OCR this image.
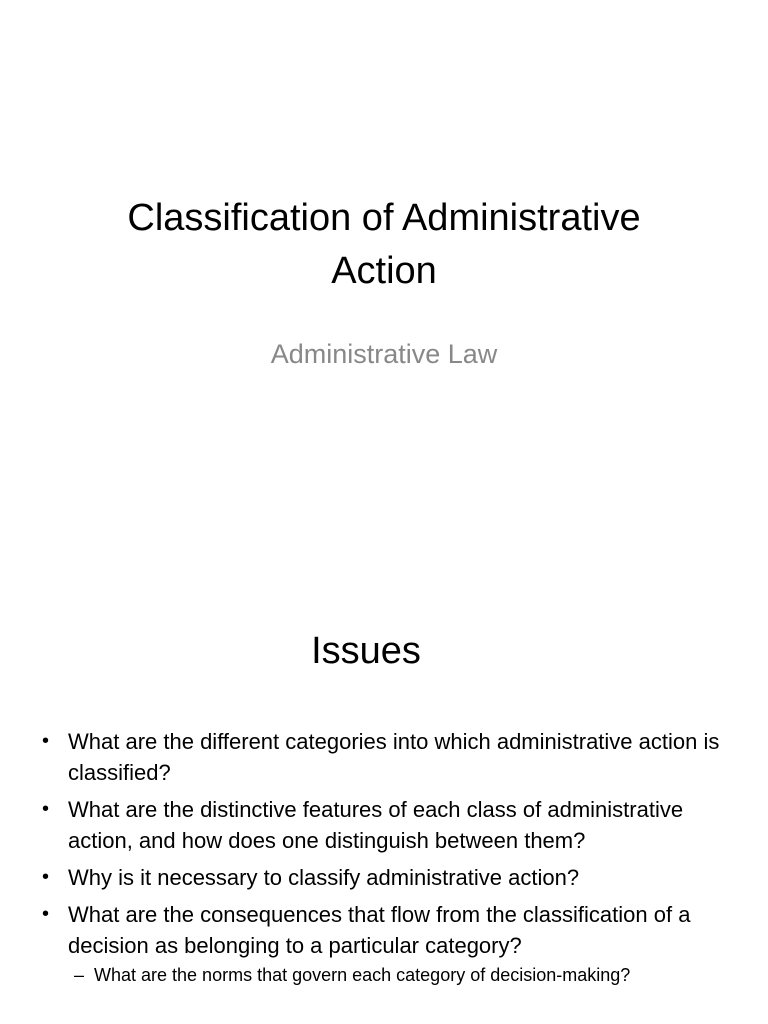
Classification of Administrative
Action

Administrative Law

Issues
• What are the different categories into which administrative action is classified?
• What are the distinctive features of each class of administrative action, and how does one distinguish between them?
• Why is it necessary to classify administrative action?
• What are the consequences that flow from the classification of a decision as belonging to a particular category?
– What are the norms that govern each category of decision-making?
